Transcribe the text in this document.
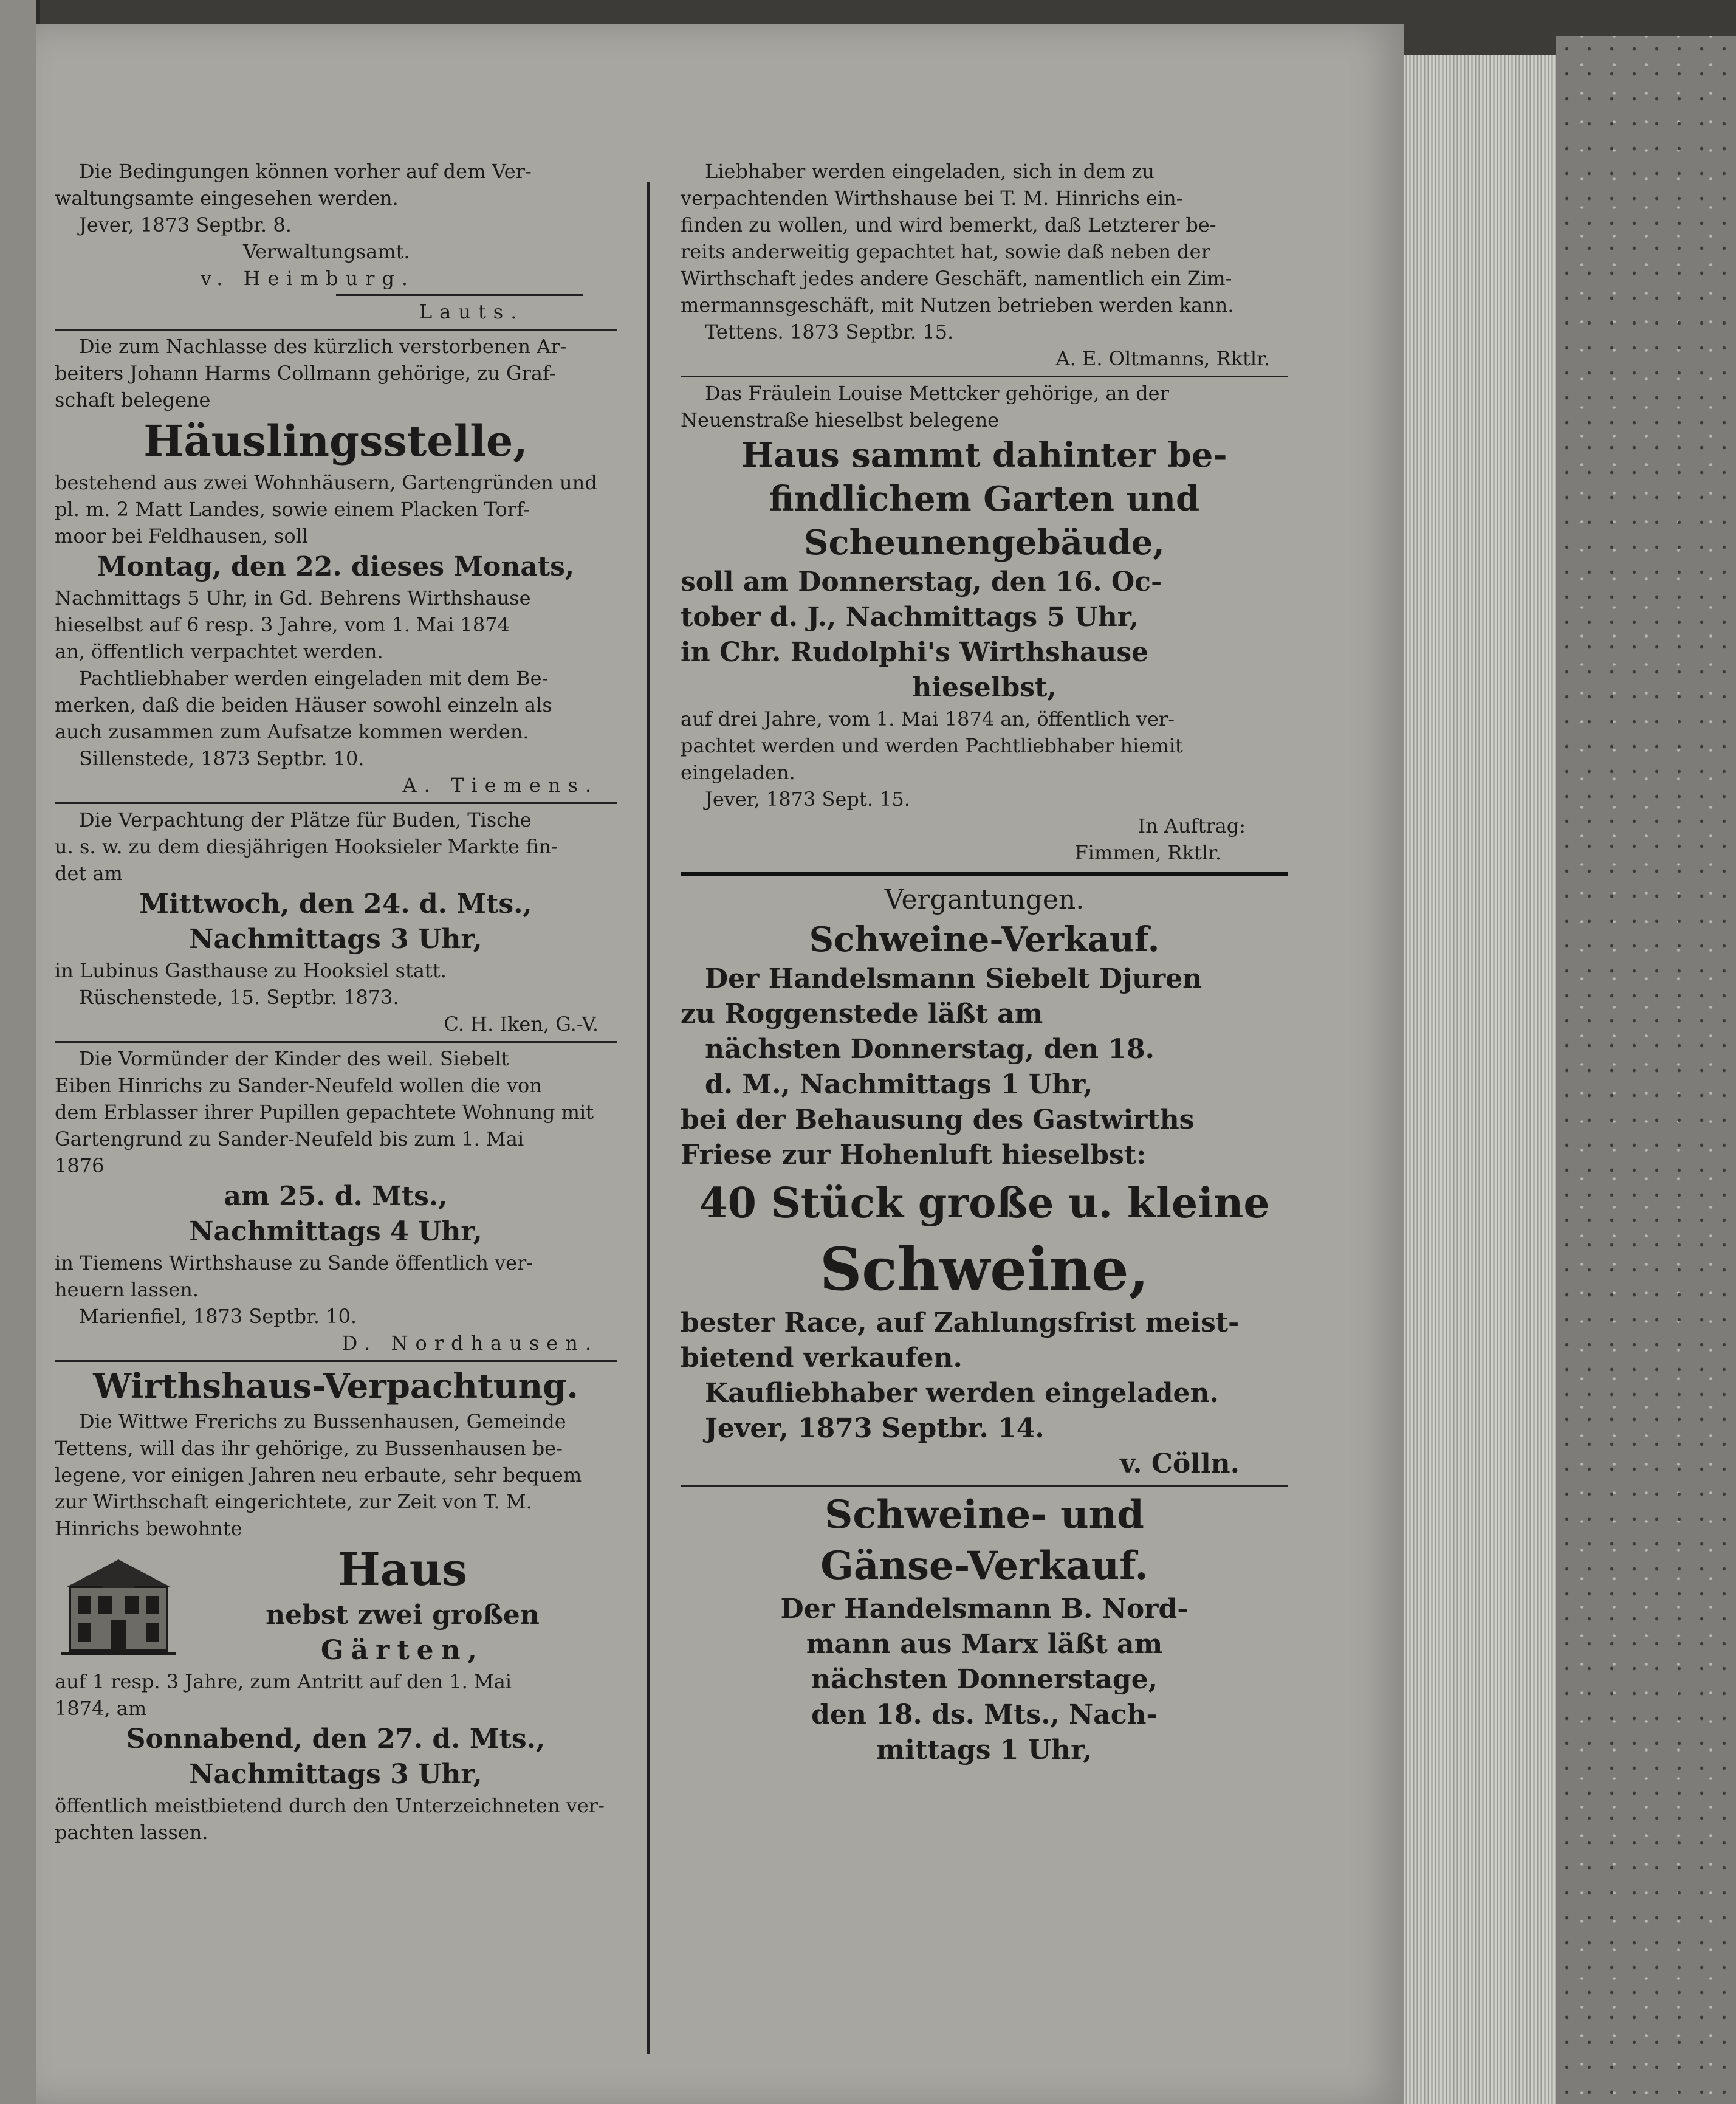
Die Bedingungen können vorher auf dem Ver-

waltungsamte eingesehen werden.

Jever, 1873 Septbr. 8.

Verwaltungsamt.

v. Heimburg.

Lauts.

Die zum Nachlasse des kürzlich verstorbenen Ar-

beiters Johann Harms Collmann gehörige, zu Graf-

schaft belegene

Häuslingsstelle,

bestehend aus zwei Wohnhäusern, Gartengründen und

pl. m. 2 Matt Landes, sowie einem Placken Torf-

moor bei Feldhausen, soll

Montag, den 22. dieses Monats,

Nachmittags 5 Uhr, in Gd. Behrens Wirthshause

hieselbst auf 6 resp. 3 Jahre, vom 1. Mai 1874

an, öffentlich verpachtet werden.

Pachtliebhaber werden eingeladen mit dem Be-

merken, daß die beiden Häuser sowohl einzeln als

auch zusammen zum Aufsatze kommen werden.

Sillenstede, 1873 Septbr. 10.

A. Tiemens.

Die Verpachtung der Plätze für Buden, Tische

u. s. w. zu dem diesjährigen Hooksieler Markte fin-

det am

Mittwoch, den 24. d. Mts.,

Nachmittags 3 Uhr,

in Lubinus Gasthause zu Hooksiel statt.

Rüschenstede, 15. Septbr. 1873.

C. H. Iken, G.-V.

Die Vormünder der Kinder des weil. Siebelt

Eiben Hinrichs zu Sander-Neufeld wollen die von

dem Erblasser ihrer Pupillen gepachtete Wohnung mit

Gartengrund zu Sander-Neufeld bis zum 1. Mai

1876

am 25. d. Mts.,

Nachmittags 4 Uhr,

in Tiemens Wirthshause zu Sande öffentlich ver-

heuern lassen.

Marienfiel, 1873 Septbr. 10.

D. Nordhausen.

Wirthshaus-Verpachtung.

Die Wittwe Frerichs zu Bussenhausen, Gemeinde

Tettens, will das ihr gehörige, zu Bussenhausen be-

legene, vor einigen Jahren neu erbaute, sehr bequem

zur Wirthschaft eingerichtete, zur Zeit von T. M.

Hinrichs bewohnte

Haus

nebst zwei großen

Gärten,

auf 1 resp. 3 Jahre, zum Antritt auf den 1. Mai

1874, am

Sonnabend, den 27. d. Mts.,

Nachmittags 3 Uhr,

öffentlich meistbietend durch den Unterzeichneten ver-

pachten lassen.

Liebhaber werden eingeladen, sich in dem zu

verpachtenden Wirthshause bei T. M. Hinrichs ein-

finden zu wollen, und wird bemerkt, daß Letzterer be-

reits anderweitig gepachtet hat, sowie daß neben der

Wirthschaft jedes andere Geschäft, namentlich ein Zim-

mermannsgeschäft, mit Nutzen betrieben werden kann.

Tettens. 1873 Septbr. 15.

A. E. Oltmanns, Rktlr.

Das Fräulein Louise Mettcker gehörige, an der

Neuenstraße hieselbst belegene

Haus sammt dahinter be-

findlichem Garten und

Scheunengebäude,

soll am Donnerstag, den 16. Oc-

tober d. J., Nachmittags 5 Uhr,

in Chr. Rudolphi's Wirthshause

hieselbst,

auf drei Jahre, vom 1. Mai 1874 an, öffentlich ver-

pachtet werden und werden Pachtliebhaber hiemit

eingeladen.

Jever, 1873 Sept. 15.

In Auftrag:

Fimmen, Rktlr.

Vergantungen.

Schweine-Verkauf.

Der Handelsmann Siebelt Djuren

zu Roggenstede läßt am

nächsten Donnerstag, den 18.

d. M., Nachmittags 1 Uhr,

bei der Behausung des Gastwirths

Friese zur Hohenluft hieselbst:

40 Stück große u. kleine

Schweine,

bester Race, auf Zahlungsfrist meist-

bietend verkaufen.

Kaufliebhaber werden eingeladen.

Jever, 1873 Septbr. 14.

v. Cölln.

Schweine- und

Gänse-Verkauf.

Der Handelsmann B. Nord-

mann aus Marx läßt am

nächsten Donnerstage,

den 18. ds. Mts., Nach-

mittags 1 Uhr,
